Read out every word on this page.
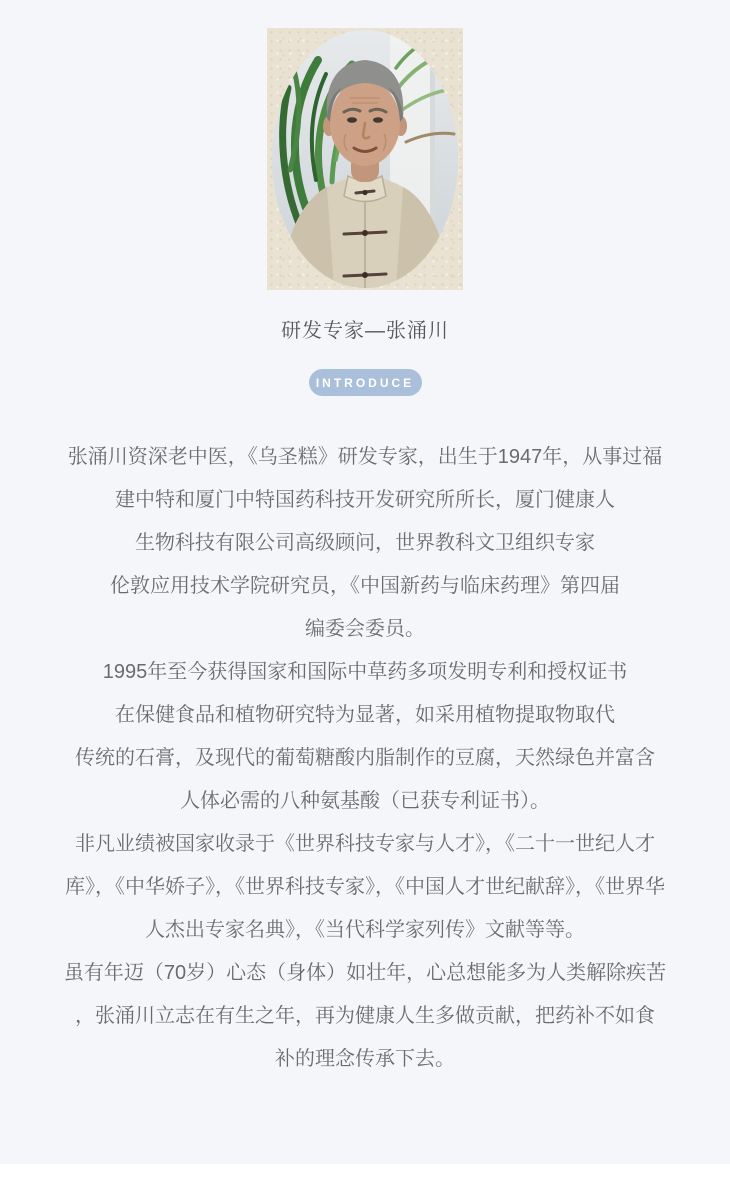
研发专家—张涌川
INTRODUCE
张涌川资深老中医，《乌圣糕》研发专家，出生于1947年，从事过福
建中特和厦门中特国药科技开发研究所所长，厦门健康人
生物科技有限公司高级顾问，世界教科文卫组织专家
伦敦应用技术学院研究员，《中国新药与临床药理》第四届
编委会委员。
1995年至今获得国家和国际中草药多项发明专利和授权证书
在保健食品和植物研究特为显著，如采用植物提取物取代
传统的石膏，及现代的葡萄糖酸内脂制作的豆腐，天然绿色并富含
人体必需的八种氨基酸（已获专利证书）。
非凡业绩被国家收录于《世界科技专家与人才》，《二十一世纪人才
库》，《中华娇子》，《世界科技专家》，《中国人才世纪献辞》，《世界华
人杰出专家名典》，《当代科学家列传》文献等等。
虽有年迈（70岁）心态（身体）如壮年，心总想能多为人类解除疾苦
，张涌川立志在有生之年，再为健康人生多做贡献，把药补不如食
补的理念传承下去。
